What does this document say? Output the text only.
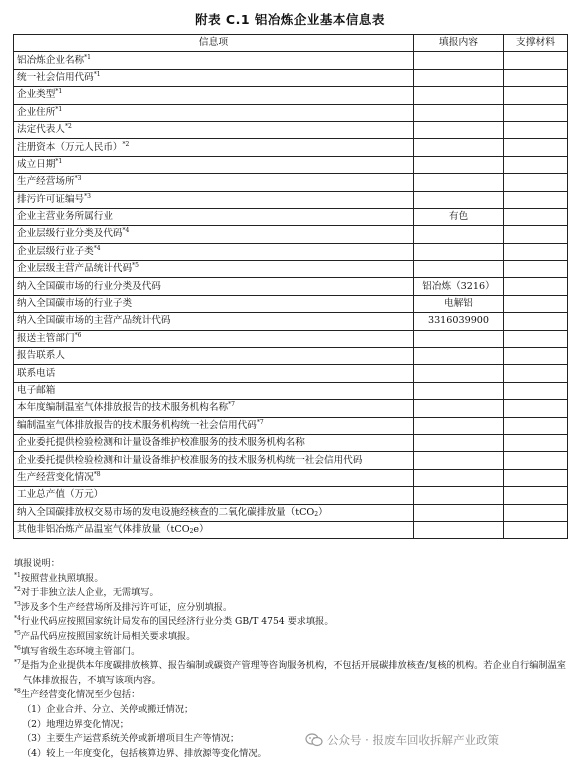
附表 C.1 铝冶炼企业基本信息表
信息项	填报内容	支撑材料
铝冶炼企业名称$^{*1}$		
统一社会信用代码$^{*1}$		
企业类型$^{*1}$		
企业住所$^{*1}$		
法定代表人$^{*2}$		
注册资本（万元人民币）$^{*2}$		
成立日期$^{*1}$		
生产经营场所$^{*3}$		
排污许可证编号$^{*3}$		
企业主营业务所属行业	有色	
企业层级行业分类及代码$^{*4}$		
企业层级行业子类$^{*4}$		
企业层级主营产品统计代码$^{*5}$		
纳入全国碳市场的行业分类及代码	铝冶炼（3216）	
纳入全国碳市场的行业子类	电解铝	
纳入全国碳市场的主营产品统计代码	3316039900	
报送主管部门$^{*6}$		
报告联系人		
联系电话		
电子邮箱		
本年度编制温室气体排放报告的技术服务机构名称$^{*7}$		
编制温室气体排放报告的技术服务机构统一社会信用代码$^{*7}$		
企业委托提供检验检测和计量设备维护校准服务的技术服务机构名称		
企业委托提供检验检测和计量设备维护校准服务的技术服务机构统一社会信用代码		
生产经营变化情况$^{*8}$		
工业总产值（万元）		
纳入全国碳排放权交易市场的发电设施经核查的二氧化碳排放量（tCO$_2$）		
其他非铝冶炼产品温室气体排放量（tCO$_2$e）		
填报说明：
$^{*1}$按照营业执照填报。
$^{*2}$对于非独立法人企业，无需填写。
$^{*3}$涉及多个生产经营场所及排污许可证，应分别填报。
$^{*4}$行业代码应按照国家统计局发布的国民经济行业分类 GB/T 4754 要求填报。
$^{*5}$产品代码应按照国家统计局相关要求填报。
$^{*6}$填写省级生态环境主管部门。
$^{*7}$是指为企业提供本年度碳排放核算、报告编制或碳资产管理等咨询服务机构，不包括开展碳排放核查/复核的机构。若企业自行编制温室气体排放报告，不填写该项内容。
$^{*8}$生产经营变化情况至少包括：
（1）企业合并、分立、关停或搬迁情况；
（2）地理边界变化情况；
（3）主要生产运营系统关停或新增项目生产等情况；
（4）较上一年度变化，包括核算边界、排放源等变化情况。
公众号 · 报废车回收拆解产业政策
